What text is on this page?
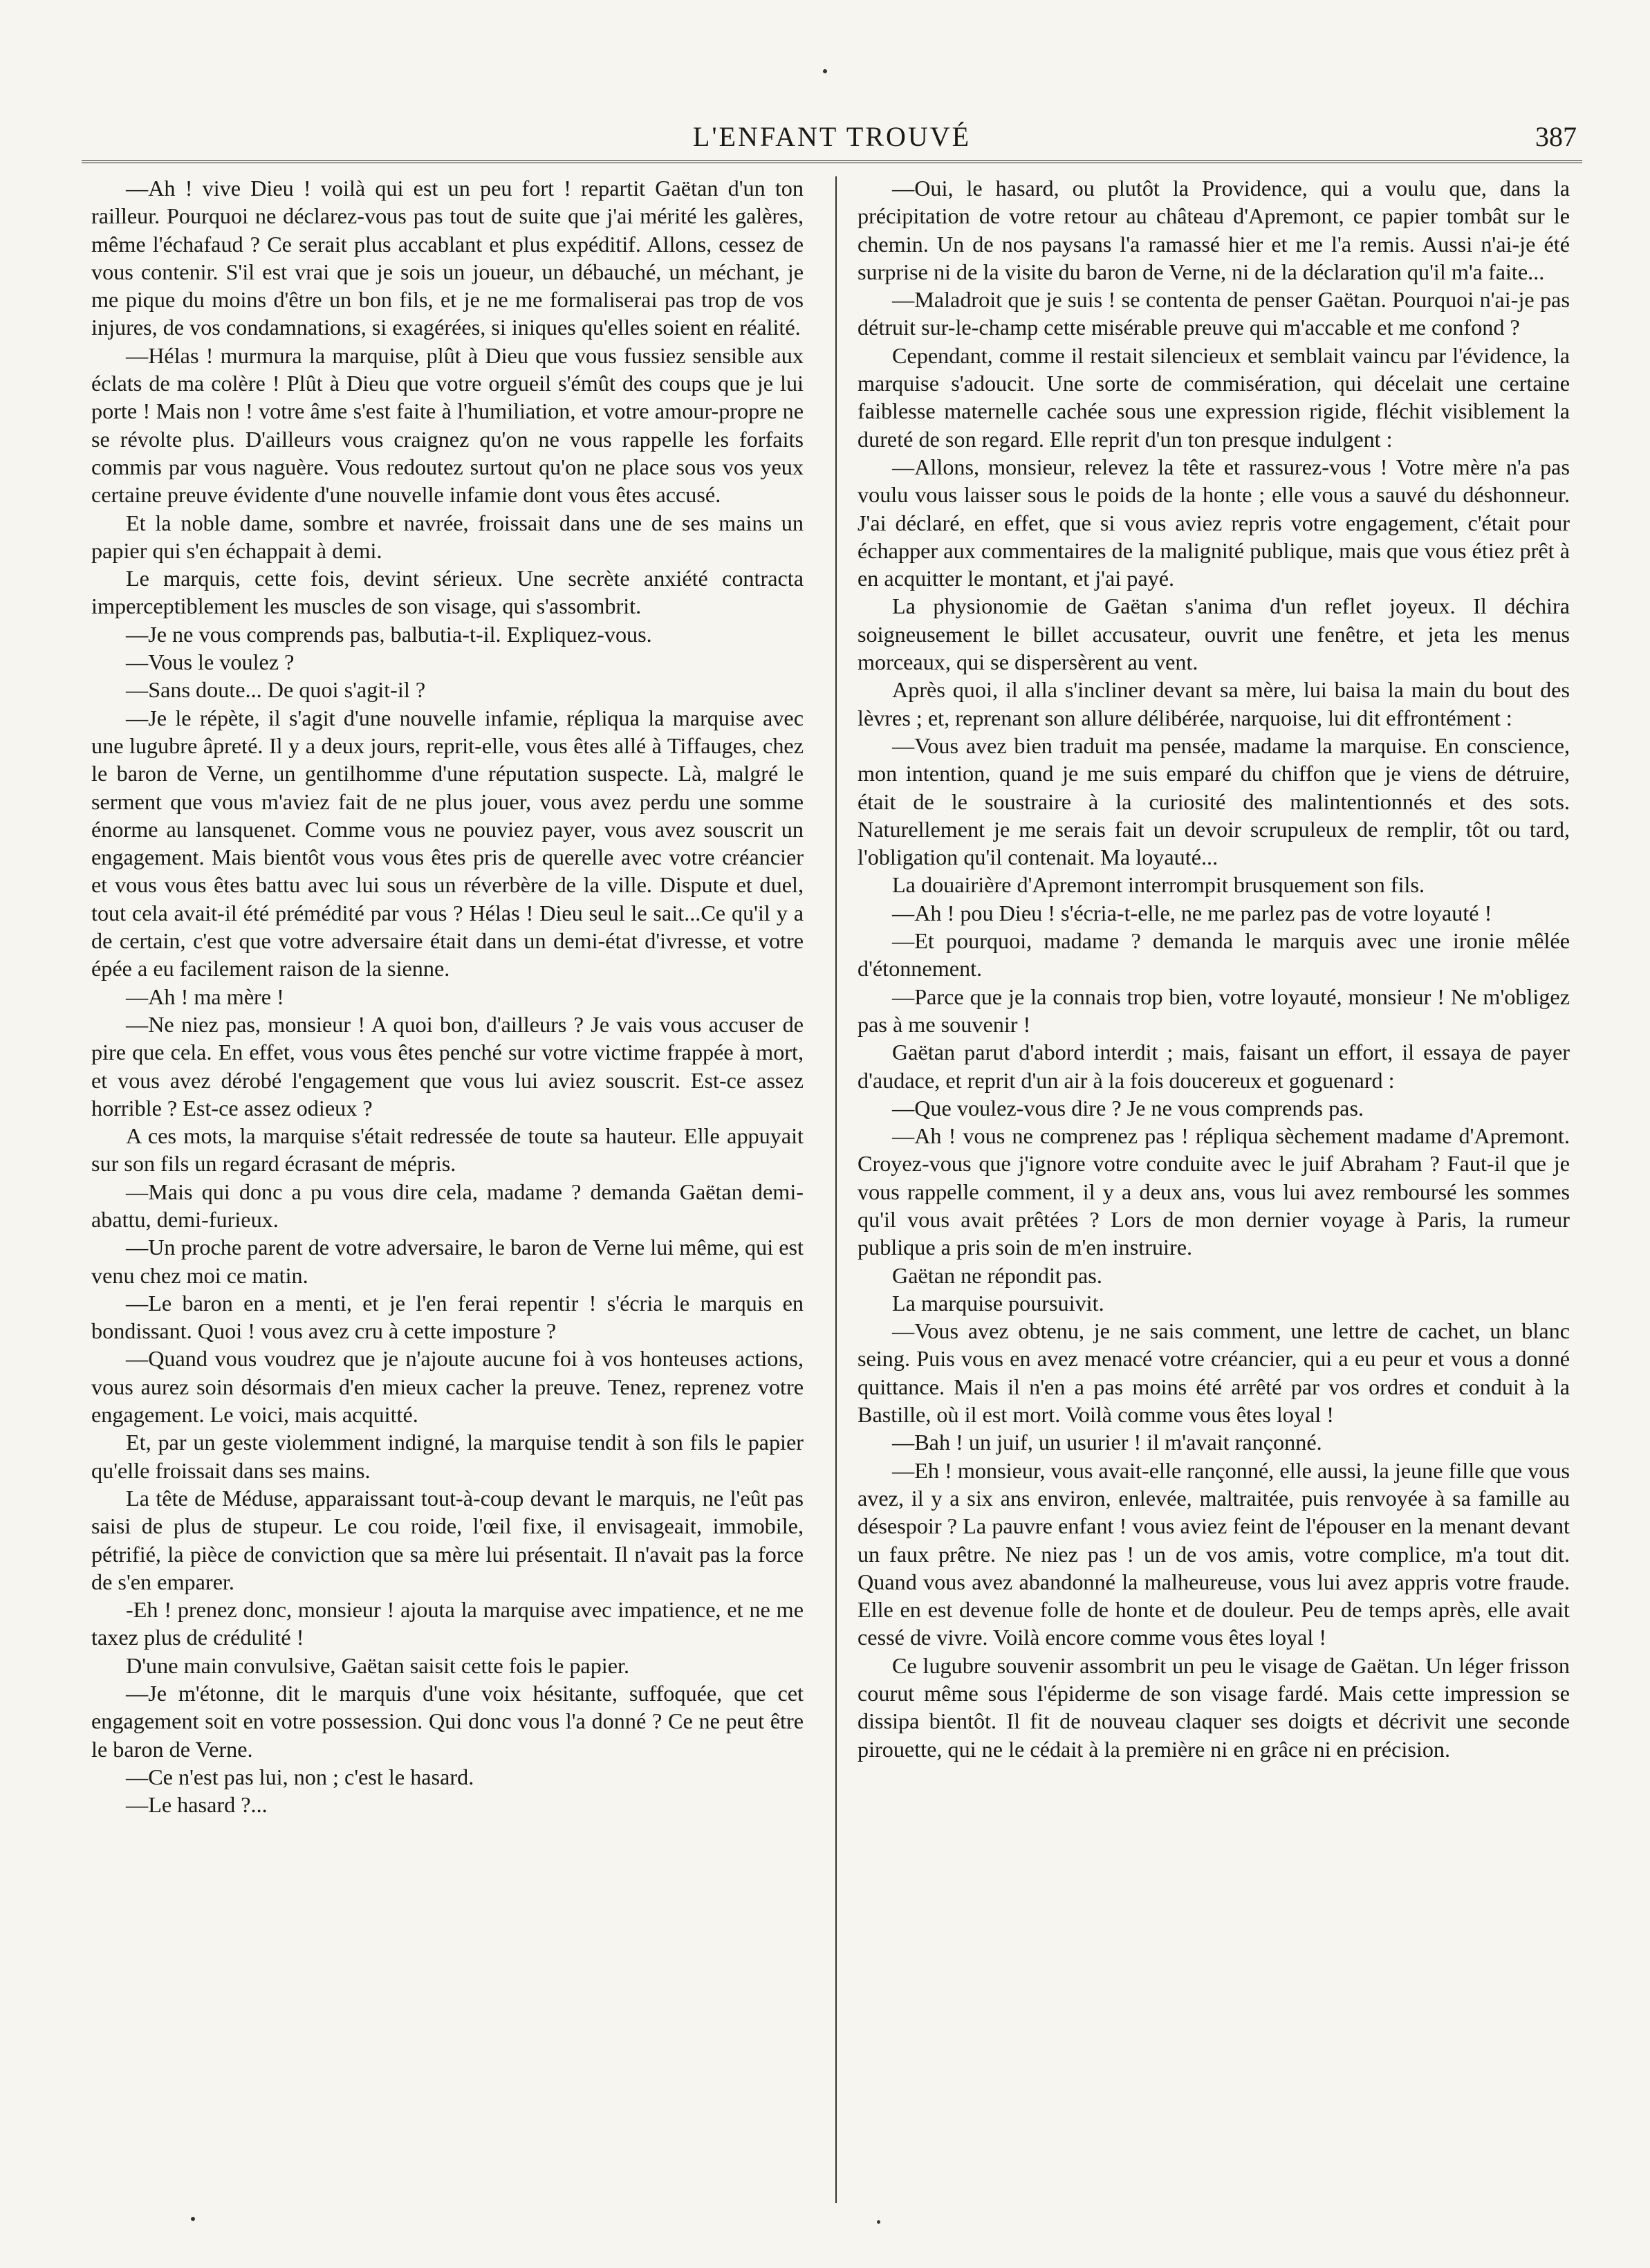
L'ENFANT TROUVÉ	387

—Ah ! vive Dieu ! voilà qui est un peu fort ! repartit Gaëtan d'un ton railleur. Pourquoi ne déclarez-vous pas tout de suite que j'ai mérité les galères, même l'échafaud ? Ce serait plus accablant et plus expéditif. Allons, cessez de vous contenir. S'il est vrai que je sois un joueur, un débauché, un méchant, je me pique du moins d'être un bon fils, et je ne me formaliserai pas trop de vos injures, de vos condamnations, si exagérées, si iniques qu'elles soient en réalité.

—Hélas ! murmura la marquise, plût à Dieu que vous fussiez sensible aux éclats de ma colère ! Plût à Dieu que votre orgueil s'émût des coups que je lui porte ! Mais non ! votre âme s'est faite à l'humiliation, et votre amour-propre ne se révolte plus. D'ailleurs vous craignez qu'on ne vous rappelle les forfaits commis par vous naguère. Vous redoutez surtout qu'on ne place sous vos yeux certaine preuve évidente d'une nouvelle infamie dont vous êtes accusé.

Et la noble dame, sombre et navrée, froissait dans une de ses mains un papier qui s'en échappait à demi.

Le marquis, cette fois, devint sérieux. Une secrète anxiété contracta imperceptiblement les muscles de son visage, qui s'assombrit.

—Je ne vous comprends pas, balbutia-t-il. Expliquez-vous.

—Vous le voulez ?

—Sans doute... De quoi s'agit-il ?

—Je le répète, il s'agit d'une nouvelle infamie, répliqua la marquise avec une lugubre âpreté. Il y a deux jours, reprit-elle, vous êtes allé à Tiffauges, chez le baron de Verne, un gentilhomme d'une réputation suspecte. Là, malgré le serment que vous m'aviez fait de ne plus jouer, vous avez perdu une somme énorme au lansquenet. Comme vous ne pouviez payer, vous avez souscrit un engagement. Mais bientôt vous vous êtes pris de querelle avec votre créancier et vous vous êtes battu avec lui sous un réverbère de la ville. Dispute et duel, tout cela avait-il été prémédité par vous ? Hélas ! Dieu seul le sait...Ce qu'il y a de certain, c'est que votre adversaire était dans un demi-état d'ivresse, et votre épée a eu facilement raison de la sienne.

—Ah ! ma mère !

—Ne niez pas, monsieur ! A quoi bon, d'ailleurs ? Je vais vous accuser de pire que cela. En effet, vous vous êtes penché sur votre victime frappée à mort, et vous avez dérobé l'engagement que vous lui aviez souscrit. Est-ce assez horrible ? Est-ce assez odieux ?

A ces mots, la marquise s'était redressée de toute sa hauteur. Elle appuyait sur son fils un regard écrasant de mépris.

—Mais qui donc a pu vous dire cela, madame ? demanda Gaëtan demi-abattu, demi-furieux.

—Un proche parent de votre adversaire, le baron de Verne lui même, qui est venu chez moi ce matin.

—Le baron en a menti, et je l'en ferai repentir ! s'écria le marquis en bondissant. Quoi ! vous avez cru à cette imposture ?

—Quand vous voudrez que je n'ajoute aucune foi à vos honteuses actions, vous aurez soin désormais d'en mieux cacher la preuve. Tenez, reprenez votre engagement. Le voici, mais acquitté.

Et, par un geste violemment indigné, la marquise tendit à son fils le papier qu'elle froissait dans ses mains.

La tête de Méduse, apparaissant tout-à-coup devant le marquis, ne l'eût pas saisi de plus de stupeur. Le cou roide, l'œil fixe, il envisageait, immobile, pétrifié, la pièce de conviction que sa mère lui présentait. Il n'avait pas la force de s'en emparer.

-Eh ! prenez donc, monsieur ! ajouta la marquise avec impatience, et ne me taxez plus de crédulité !

D'une main convulsive, Gaëtan saisit cette fois le papier.

—Je m'étonne, dit le marquis d'une voix hésitante, suffoquée, que cet engagement soit en votre possession. Qui donc vous l'a donné ? Ce ne peut être le baron de Verne.

—Ce n'est pas lui, non ; c'est le hasard.

—Le hasard ?...

—Oui, le hasard, ou plutôt la Providence, qui a voulu que, dans la précipitation de votre retour au château d'Apremont, ce papier tombât sur le chemin. Un de nos paysans l'a ramassé hier et me l'a remis. Aussi n'ai-je été surprise ni de la visite du baron de Verne, ni de la déclaration qu'il m'a faite...

—Maladroit que je suis ! se contenta de penser Gaëtan. Pourquoi n'ai-je pas détruit sur-le-champ cette misérable preuve qui m'accable et me confond ?

Cependant, comme il restait silencieux et semblait vaincu par l'évidence, la marquise s'adoucit. Une sorte de commisération, qui décelait une certaine faiblesse maternelle cachée sous une expression rigide, fléchit visiblement la dureté de son regard. Elle reprit d'un ton presque indulgent :

—Allons, monsieur, relevez la tête et rassurez-vous ! Votre mère n'a pas voulu vous laisser sous le poids de la honte ; elle vous a sauvé du déshonneur. J'ai déclaré, en effet, que si vous aviez repris votre engagement, c'était pour échapper aux commentaires de la malignité publique, mais que vous étiez prêt à en acquitter le montant, et j'ai payé.

La physionomie de Gaëtan s'anima d'un reflet joyeux. Il déchira soigneusement le billet accusateur, ouvrit une fenêtre, et jeta les menus morceaux, qui se dispersèrent au vent.

Après quoi, il alla s'incliner devant sa mère, lui baisa la main du bout des lèvres ; et, reprenant son allure délibérée, narquoise, lui dit effrontément :

—Vous avez bien traduit ma pensée, madame la marquise. En conscience, mon intention, quand je me suis emparé du chiffon que je viens de détruire, était de le soustraire à la curiosité des malintentionnés et des sots. Naturellement je me serais fait un devoir scrupuleux de remplir, tôt ou tard, l'obligation qu'il contenait. Ma loyauté...

La douairière d'Apremont interrompit brusquement son fils.

—Ah ! pou Dieu ! s'écria-t-elle, ne me parlez pas de votre loyauté !

—Et pourquoi, madame ? demanda le marquis avec une ironie mêlée d'étonnement.

—Parce que je la connais trop bien, votre loyauté, monsieur ! Ne m'obligez pas à me souvenir !

Gaëtan parut d'abord interdit ; mais, faisant un effort, il essaya de payer d'audace, et reprit d'un air à la fois doucereux et goguenard :

—Que voulez-vous dire ? Je ne vous comprends pas.

—Ah ! vous ne comprenez pas ! répliqua sèchement madame d'Apremont. Croyez-vous que j'ignore votre conduite avec le juif Abraham ? Faut-il que je vous rappelle comment, il y a deux ans, vous lui avez remboursé les sommes qu'il vous avait prêtées ? Lors de mon dernier voyage à Paris, la rumeur publique a pris soin de m'en instruire.

Gaëtan ne répondit pas.

La marquise poursuivit.

—Vous avez obtenu, je ne sais comment, une lettre de cachet, un blanc seing. Puis vous en avez menacé votre créancier, qui a eu peur et vous a donné quittance. Mais il n'en a pas moins été arrêté par vos ordres et conduit à la Bastille, où il est mort. Voilà comme vous êtes loyal !

—Bah ! un juif, un usurier ! il m'avait rançonné.

—Eh ! monsieur, vous avait-elle rançonné, elle aussi, la jeune fille que vous avez, il y a six ans environ, enlevée, maltraitée, puis renvoyée à sa famille au désespoir ? La pauvre enfant ! vous aviez feint de l'épouser en la menant devant un faux prêtre. Ne niez pas ! un de vos amis, votre complice, m'a tout dit. Quand vous avez abandonné la malheureuse, vous lui avez appris votre fraude. Elle en est devenue folle de honte et de douleur. Peu de temps après, elle avait cessé de vivre. Voilà encore comme vous êtes loyal !

Ce lugubre souvenir assombrit un peu le visage de Gaëtan. Un léger frisson courut même sous l'épiderme de son visage fardé. Mais cette impression se dissipa bientôt. Il fit de nouveau claquer ses doigts et décrivit une seconde pirouette, qui ne le cédait à la première ni en grâce ni en précision.
